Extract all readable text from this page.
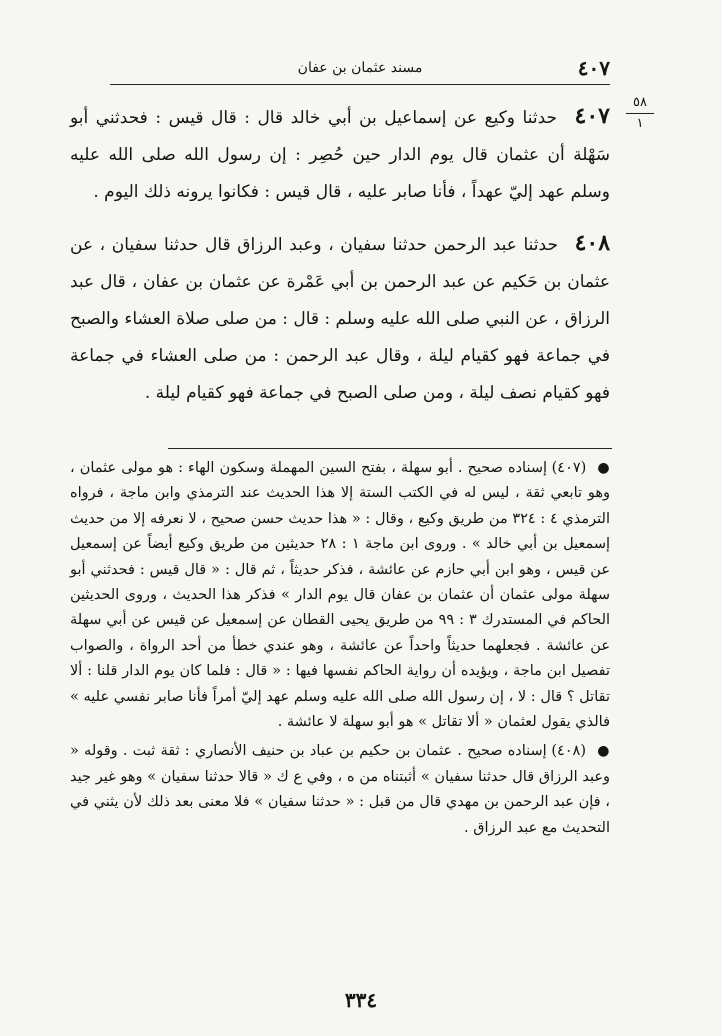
٤٠٧
مسند عثمان بن عفان
٥٨
١

٤٠٧ حدثنا وكيع عن إسماعيل بن أبي خالد قال : قال قيس : فحدثني أبو سَهْلة أن عثمان قال يوم الدار حين حُصِر : إن رسول الله صلى الله عليه وسلم عهد إليّ عهداً ، فأنا صابر عليه ، قال قيس : فكانوا يرونه ذلك اليوم .

٤٠٨ حدثنا عبد الرحمن حدثنا سفيان ، وعبد الرزاق قال حدثنا سفيان ، عن عثمان بن حَكيم عن عبد الرحمن بن أبي عَمْرة عن عثمان بن عفان ، قال عبد الرزاق ، عن النبي صلى الله عليه وسلم : قال : من صلى صلاة العشاء والصبح في جماعة فهو كقيام ليلة ، وقال عبد الرحمن : من صلى العشاء في جماعة فهو كقيام نصف ليلة ، ومن صلى الصبح في جماعة فهو كقيام ليلة .

● (٤٠٧) إسناده صحيح . أبو سهلة ، بفتح السين المهملة وسكون الهاء : هو مولى عثمان ، وهو تابعي ثقة ، ليس له في الكتب الستة إلا هذا الحديث عند الترمذي وابن ماجة ، فرواه الترمذي ٤ : ٣٢٤ من طريق وكيع ، وقال : « هذا حديث حسن صحيح ، لا نعرفه إلا من حديث إسمعيل بن أبي خالد » . وروى ابن ماجة ١ : ٢٨ حديثين من طريق وكيع أيضاً عن إسمعيل عن قيس ، وهو ابن أبي حازم عن عائشة ، فذكر حديثاً ، ثم قال : « قال قيس : فحدثني أبو سهلة مولى عثمان أن عثمان بن عفان قال يوم الدار » فذكر هذا الحديث ، وروى الحديثين الحاكم في المستدرك ٣ : ٩٩ من طريق يحيى القطان عن إسمعيل عن قيس عن أبي سهلة عن عائشة . فجعلهما حديثاً واحداً عن عائشة ، وهو عندي خطأ من أحد الرواة ، والصواب تفصيل ابن ماجة ، ويؤيده أن رواية الحاكم نفسها فيها : « قال : فلما كان يوم الدار قلنا : ألا تقاتل ؟ قال : لا ، إن رسول الله صلى الله عليه وسلم عهد إليّ أمراً فأنا صابر نفسي عليه » فالذي يقول لعثمان « ألا تقاتل » هو أبو سهلة لا عائشة .

● (٤٠٨) إسناده صحيح . عثمان بن حكيم بن عباد بن حنيف الأنصاري : ثقة ثبت . وقوله « وعبد الرزاق قال حدثنا سفيان » أثبتناه من ه ، وفي ع ك « قالا حدثنا سفيان » وهو غير جيد ، فإن عبد الرحمن بن مهدي قال من قبل : « حدثنا سفيان » فلا معنى بعد ذلك لأن يثني في التحديث مع عبد الرزاق .

٣٣٤
